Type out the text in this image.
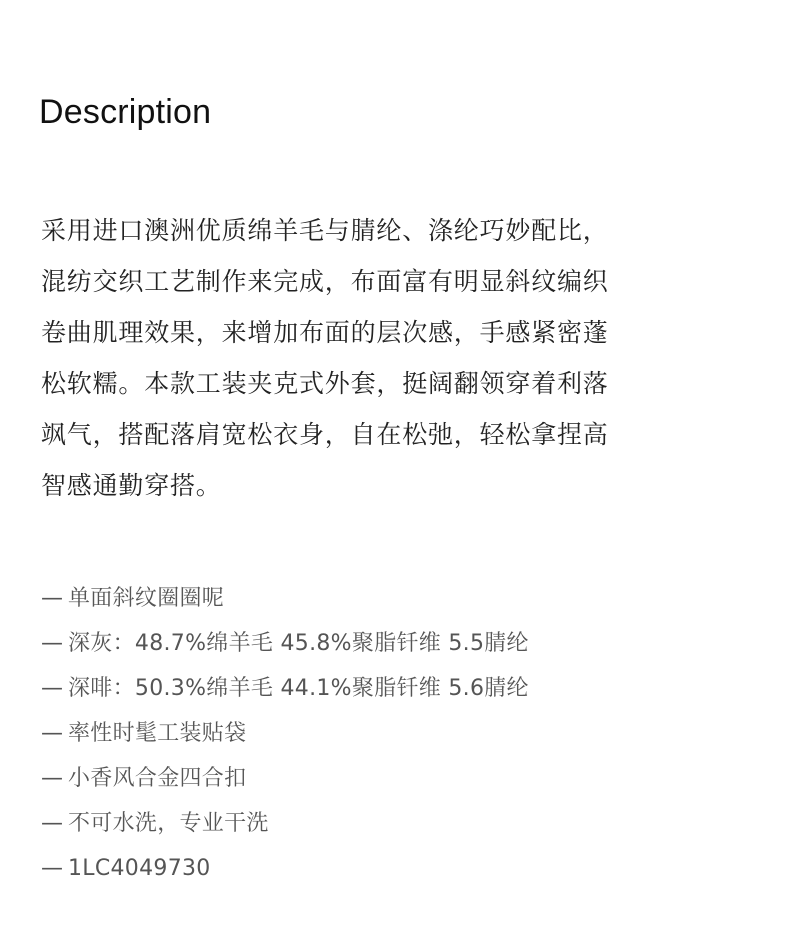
Description
采用进口澳洲优质绵羊毛与腈纶、涤纶巧妙配比，
混纺交织工艺制作来完成，布面富有明显斜纹编织
卷曲肌理效果，来增加布面的层次感，手感紧密蓬
松软糯。本款工装夹克式外套，挺阔翻领穿着利落
飒气，搭配落肩宽松衣身，自在松弛，轻松拿捏高
智感通勤穿搭。
— 单面斜纹圈圈呢
— 深灰：48.7%绵羊毛 45.8%聚脂钎维 5.5腈纶
— 深啡：50.3%绵羊毛 44.1%聚脂钎维 5.6腈纶
— 率性时髦工装贴袋
— 小香风合金四合扣
— 不可水洗，专业干洗
— 1LC4049730
